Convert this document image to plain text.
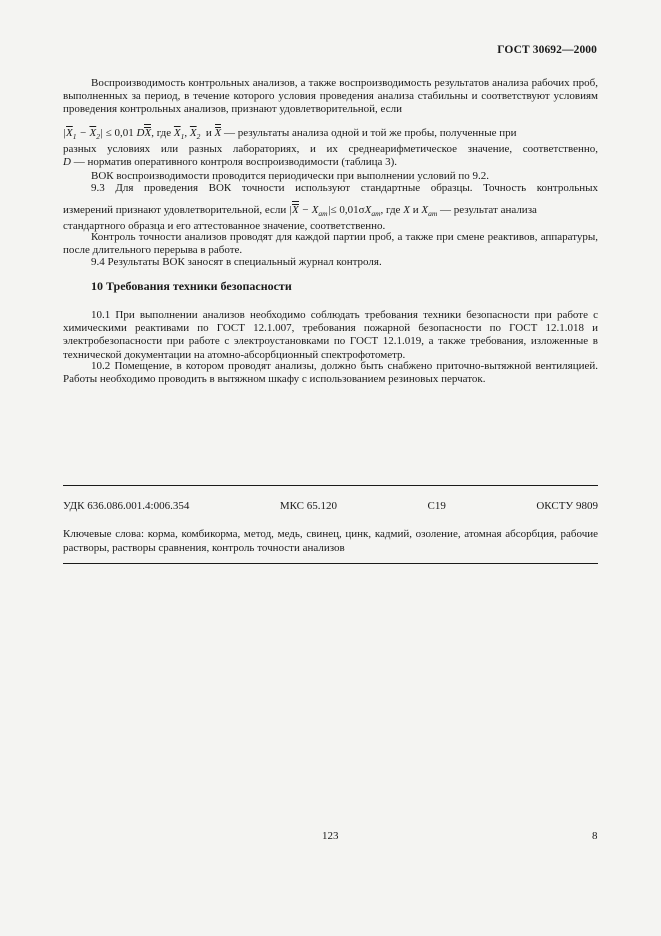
ГОСТ 30692—2000
Воспроизводимость контрольных анализов, а также воспроизводимость результатов анализа рабочих проб, выполненных за период, в течение которого условия проведения анализа стабильны и соответствуют условиям проведения контрольных анализов, признают удовлетворительной, если
$|\overline{X}_1 - \overline{X}_2| \le 0,01$ DX, где $\overline{X}_1$, $\overline{X}_2$ и X — результаты анализа одной и той же пробы, полученные при
разных условиях или разных лабораториях, и их среднеарифметическое значение, соответственно,
D — норматив оперативного контроля воспроизводимости (таблица 3).
ВОК воспроизводимости проводится периодически при выполнении условий по 9.2.
9.3 Для проведения ВОК точности используют стандартные образцы. Точность контрольных
измерений признают удовлетворительной, если $|X - X_{ат}|\le 0,01\sigma X_{ат}$, где X и $X_{ат}$ — результат анализа
стандартного образца и его аттестованное значение, соответственно.
Контроль точности анализов проводят для каждой партии проб, а также при смене реактивов, аппаратуры, после длительного перерыва в работе.
9.4 Результаты ВОК заносят в специальный журнал контроля.
10 Требования техники безопасности
10.1 При выполнении анализов необходимо соблюдать требования техники безопасности при работе с химическими реактивами по ГОСТ 12.1.007, требования пожарной безопасности по ГОСТ 12.1.018 и электробезопасности при работе с электроустановками по ГОСТ 12.1.019, а также требования, изложенные в технической документации на атомно-абсорбционный спектрофотометр.
10.2 Помещение, в котором проводят анализы, должно быть снабжено приточно-вытяжной вентиляцией. Работы необходимо проводить в вытяжном шкафу с использованием резиновых перчаток.
УДК 636.086.001.4:006.354	МКС 65.120	С19	ОКСТУ 9809
Ключевые слова: корма, комбикорма, метод, медь, свинец, цинк, кадмий, озоление, атомная абсорбция, рабочие растворы, растворы сравнения, контроль точности анализов
123	8
